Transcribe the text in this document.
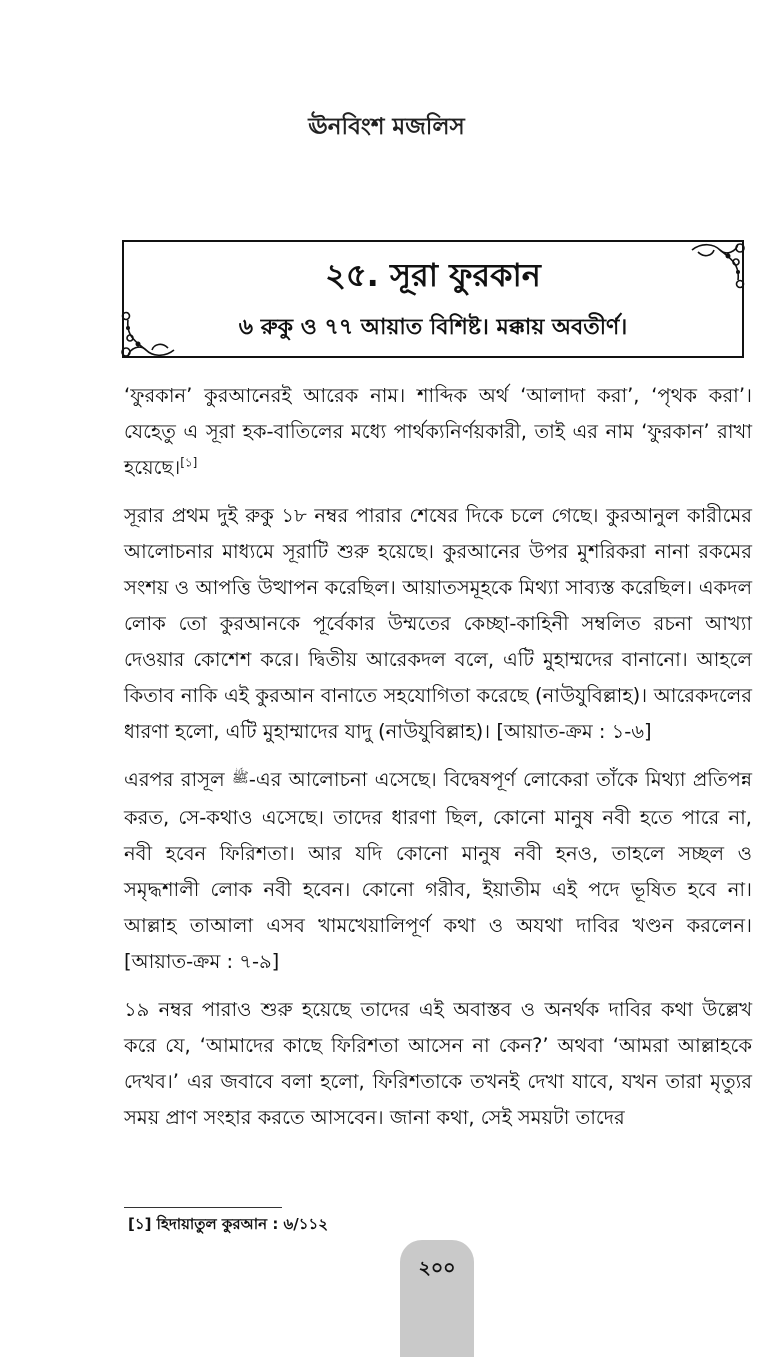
ঊনবিংশ মজলিস
২৫. সূরা ফুরকান
৬ রুকু ও ৭৭ আয়াত বিশিষ্ট। মক্কায় অবতীর্ণ।

‘ফুরকান’ কুরআনেরই আরেক নাম। শাব্দিক অর্থ ‘আলাদা করা’, ‘পৃথক করা’। যেহেতু এ সূরা হক-বাতিলের মধ্যে পার্থক্যনির্ণয়কারী, তাই এর নাম ‘ফুরকান’ রাখা হয়েছে।[১]

সূরার প্রথম দুই রুকু ১৮ নম্বর পারার শেষের দিকে চলে গেছে। কুরআনুল কারীমের আলোচনার মাধ্যমে সূরাটি শুরু হয়েছে। কুরআনের উপর মুশরিকরা নানা রকমের সংশয় ও আপত্তি উত্থাপন করেছিল। আয়াতসমূহকে মিথ্যা সাব্যস্ত করেছিল। একদল লোক তো কুরআনকে পূর্বেকার উম্মতের কেচ্ছা-কাহিনী সম্বলিত রচনা আখ্যা দেওয়ার কোশেশ করে। দ্বিতীয় আরেকদল বলে, এটি মুহাম্মদের বানানো। আহলে কিতাব নাকি এই কুরআন বানাতে সহযোগিতা করেছে (নাউযুবিল্লাহ)। আরেকদলের ধারণা হলো, এটি মুহাম্মাদের যাদু (নাউযুবিল্লাহ)। [আয়াত-ক্রম : ১-৬]

এরপর রাসূল ﷺ-এর আলোচনা এসেছে। বিদ্বেষপূর্ণ লোকেরা তাঁকে মিথ্যা প্রতিপন্ন করত, সে-কথাও এসেছে। তাদের ধারণা ছিল, কোনো মানুষ নবী হতে পারে না, নবী হবেন ফিরিশতা। আর যদি কোনো মানুষ নবী হনও, তাহলে সচ্ছল ও সমৃদ্ধশালী লোক নবী হবেন। কোনো গরীব, ইয়াতীম এই পদে ভূষিত হবে না। আল্লাহ তাআলা এসব খামখেয়ালিপূর্ণ কথা ও অযথা দাবির খণ্ডন করলেন। [আয়াত-ক্রম : ৭-৯]

১৯ নম্বর পারাও শুরু হয়েছে তাদের এই অবাস্তব ও অনর্থক দাবির কথা উল্লেখ করে যে, ‘আমাদের কাছে ফিরিশতা আসেন না কেন?’ অথবা ‘আমরা আল্লাহকে দেখব।’ এর জবাবে বলা হলো, ফিরিশতাকে তখনই দেখা যাবে, যখন তারা মৃত্যুর সময় প্রাণ সংহার করতে আসবেন। জানা কথা, সেই সময়টা তাদের

[১] হিদায়াতুল কুরআন : ৬/১১২
২০০
